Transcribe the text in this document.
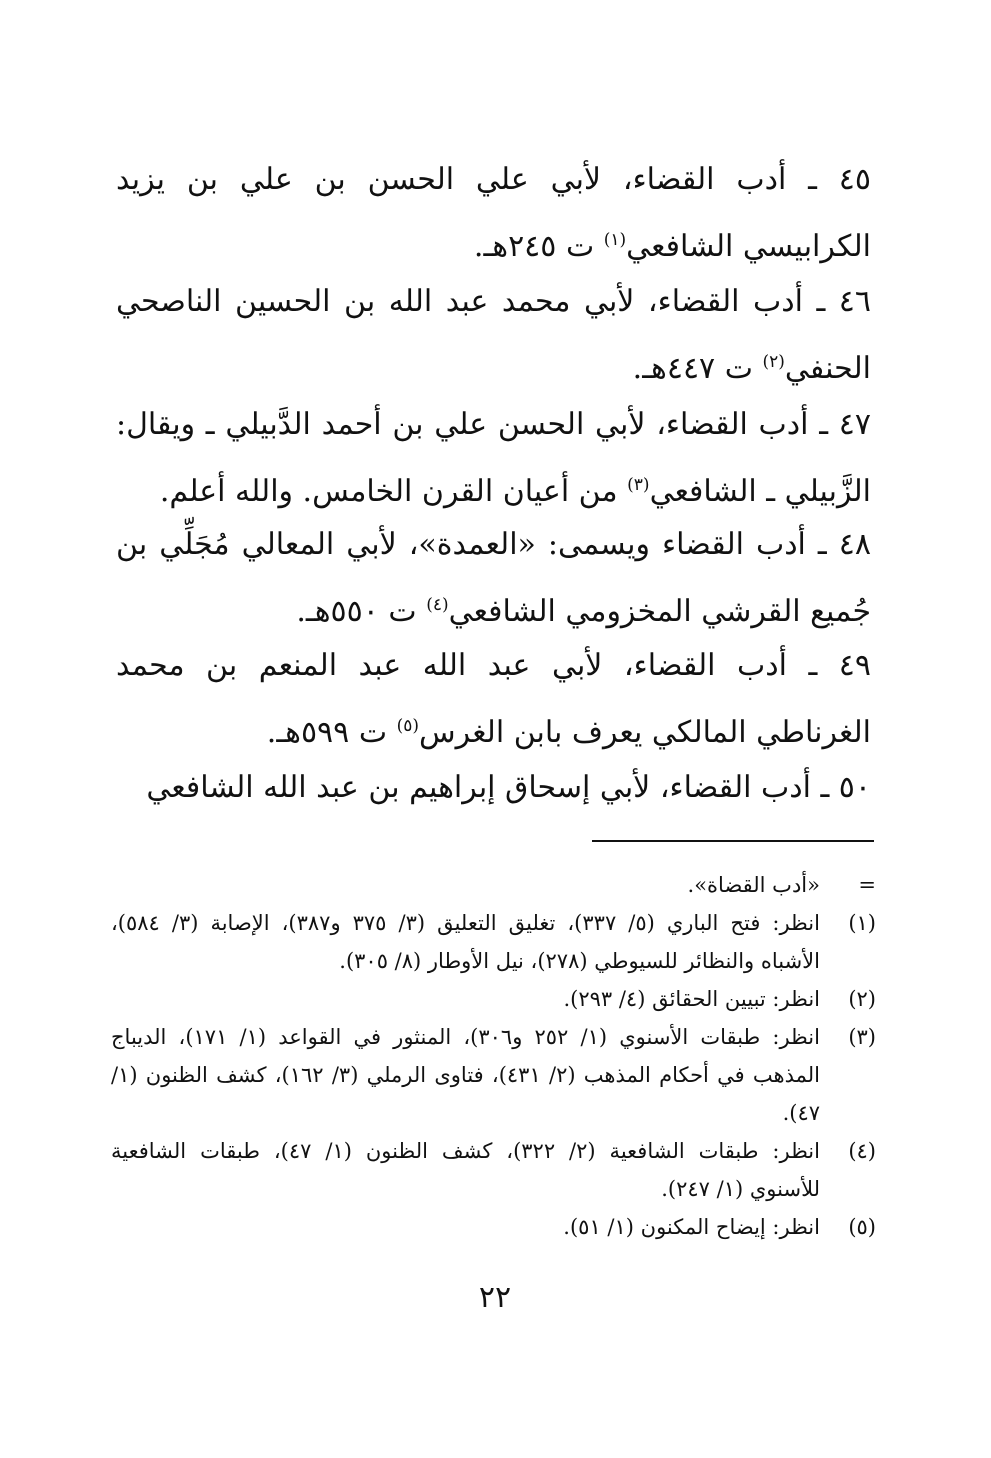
٤٥ ـ أدب القضاء، لأبي علي الحسن بن علي بن يزيد الكرابيسي الشافعي$^{(١)}$ ت ٢٤٥هـ.

٤٦ ـ أدب القضاء، لأبي محمد عبد الله بن الحسين الناصحي الحنفي$^{(٢)}$ ت ٤٤٧هـ.

٤٧ ـ أدب القضاء، لأبي الحسن علي بن أحمد الدَّبيلي ـ ويقال: الزَّبيلي ـ الشافعي$^{(٣)}$ من أعيان القرن الخامس. والله أعلم.

٤٨ ـ أدب القضاء ويسمى: «العمدة»، لأبي المعالي مُجَلِّي بن جُميع القرشي المخزومي الشافعي$^{(٤)}$ ت ٥٥٠هـ.

٤٩ ـ أدب القضاء، لأبي عبد الله عبد المنعم بن محمد الغرناطي المالكي يعرف بابن الغرس$^{(٥)}$ ت ٥٩٩هـ.

٥٠ ـ أدب القضاء، لأبي إسحاق إبراهيم بن عبد الله الشافعي

=
«أدب القضاة».
(١)
انظر: فتح الباري (٥/ ٣٣٧)، تغليق التعليق (٣/ ٣٧٥ و٣٨٧)، الإصابة (٣/ ٥٨٤)، الأشباه والنظائر للسيوطي (٢٧٨)، نيل الأوطار (٨/ ٣٠٥).
(٢)
انظر: تبيين الحقائق (٤/ ٢٩٣).
(٣)
انظر: طبقات الأسنوي (١/ ٢٥٢ و٣٠٦)، المنثور في القواعد (١/ ١٧١)، الديباج المذهب في أحكام المذهب (٢/ ٤٣١)، فتاوى الرملي (٣/ ١٦٢)، كشف الظنون (١/ ٤٧).
(٤)
انظر: طبقات الشافعية (٢/ ٣٢٢)، كشف الظنون (١/ ٤٧)، طبقات الشافعية للأسنوي (١/ ٢٤٧).
(٥)
انظر: إيضاح المكنون (١/ ٥١).
٢٢
